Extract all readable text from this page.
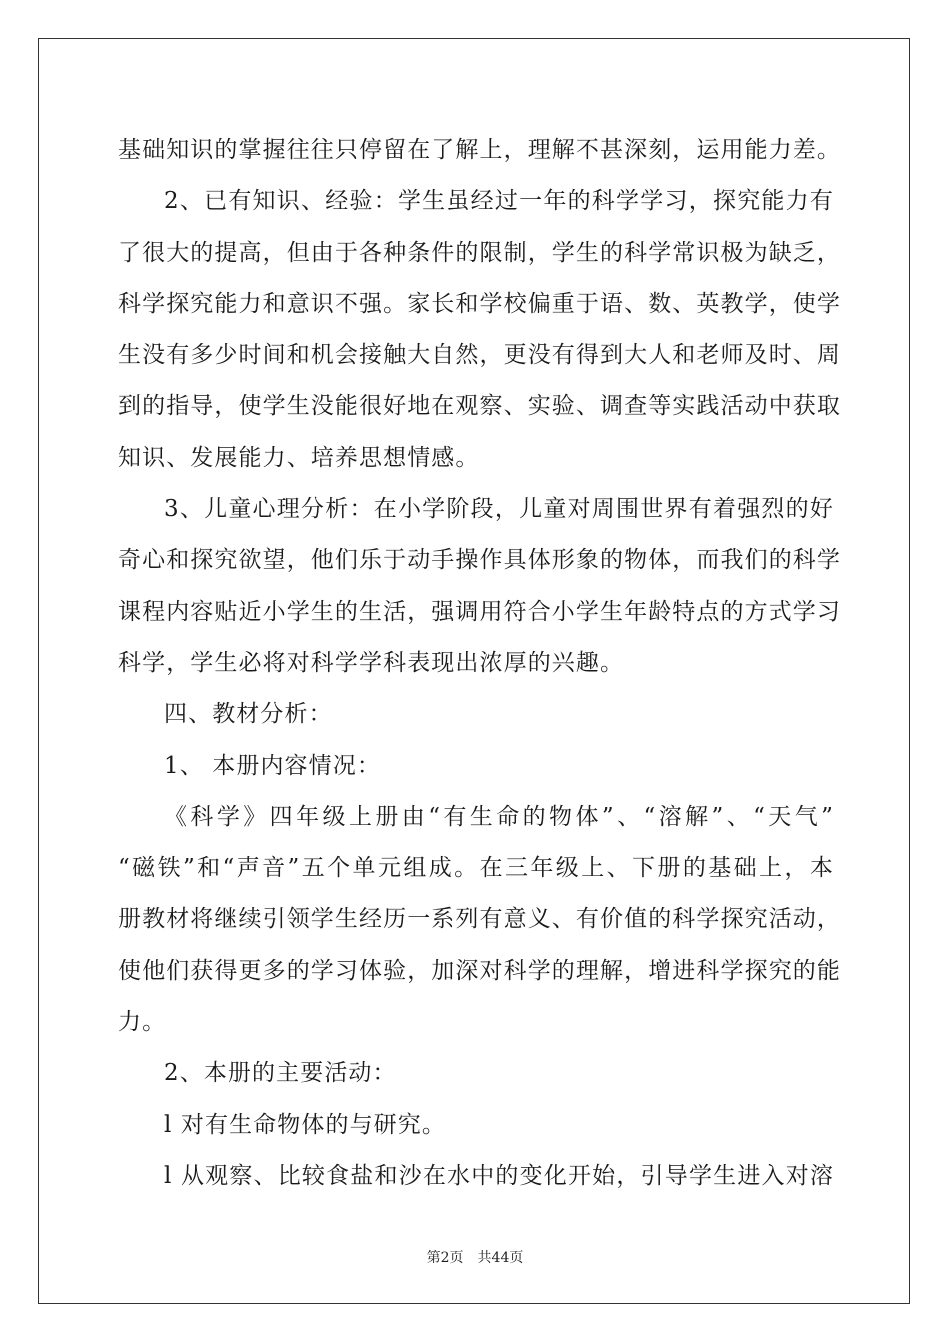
基础知识的掌握往往只停留在了解上，理解不甚深刻，运用能力差。
2、已有知识、经验：学生虽经过一年的科学学习，探究能力有
了很大的提高，但由于各种条件的限制，学生的科学常识极为缺乏，
科学探究能力和意识不强。家长和学校偏重于语、数、英教学，使学
生没有多少时间和机会接触大自然，更没有得到大人和老师及时、周
到的指导，使学生没能很好地在观察、实验、调查等实践活动中获取
知识、发展能力、培养思想情感。
3、儿童心理分析：在小学阶段，儿童对周围世界有着强烈的好
奇心和探究欲望，他们乐于动手操作具体形象的物体，而我们的科学
课程内容贴近小学生的生活，强调用符合小学生年龄特点的方式学习
科学，学生必将对科学学科表现出浓厚的兴趣。
四、教材分析：
1、 本册内容情况：
《科学》四年级上册由“有生命的物体”、“溶解”、“天气”
“磁铁”和“声音”五个单元组成。在三年级上、下册的基础上，本
册教材将继续引领学生经历一系列有意义、有价值的科学探究活动，
使他们获得更多的学习体验，加深对科学的理解，增进科学探究的能
力。
2、本册的主要活动：
l 对有生命物体的与研究。
l 从观察、比较食盐和沙在水中的变化开始，引导学生进入对溶
第2页 共44页
